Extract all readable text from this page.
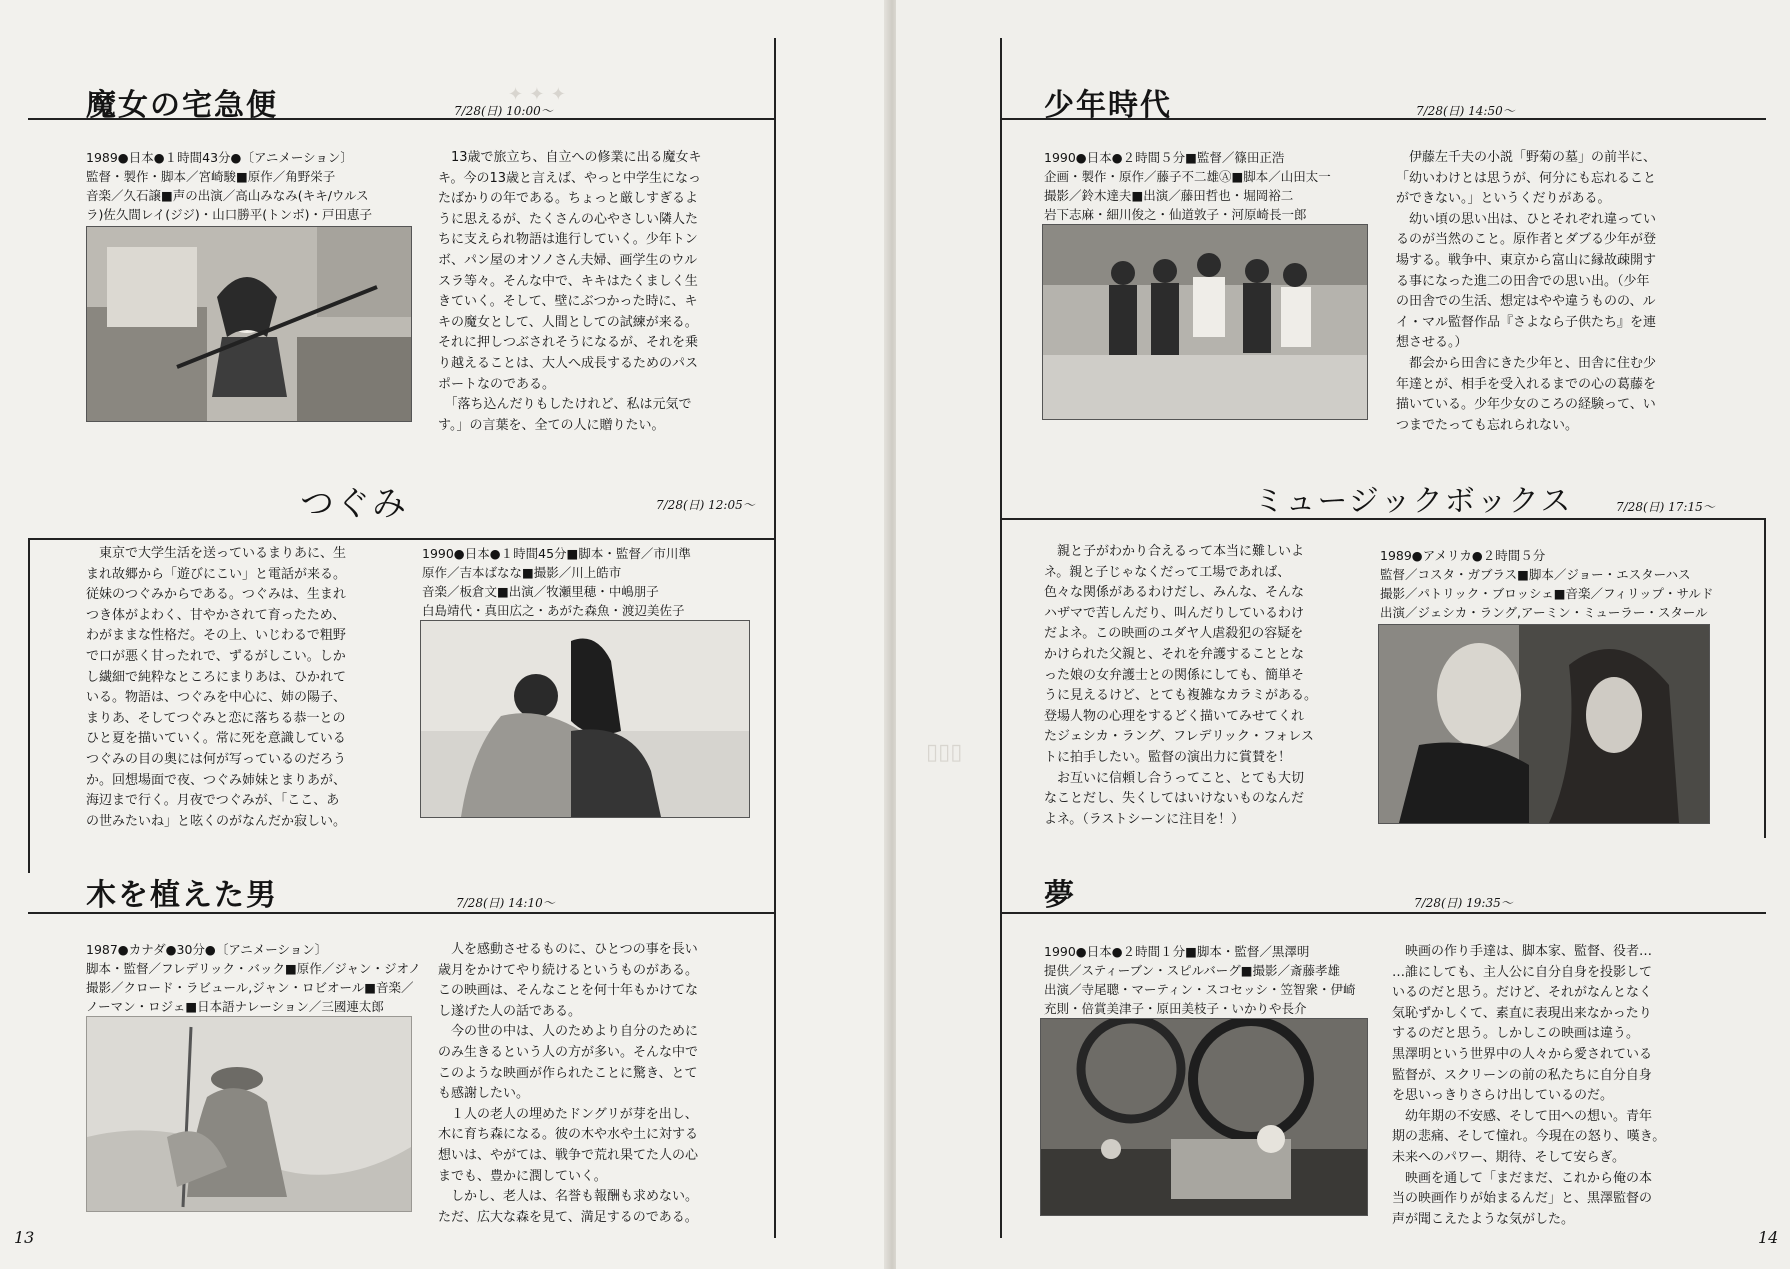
✦ ✦ ✦
魔女の宅急便	7/28(日) 10:00〜
1989●日本●１時間43分●〔アニメーション〕
監督・製作・脚本／宮崎駿■原作／角野栄子
音楽／久石譲■声の出演／高山みなみ(キキ/ウルス
ラ)佐久間レイ(ジジ)・山口勝平(トンボ)・戸田恵子
　13歳で旅立ち、自立への修業に出る魔女キ
キ。今の13歳と言えば、やっと中学生になっ
たばかりの年である。ちょっと厳しすぎるよ
うに思えるが、たくさんの心やさしい隣人た
ちに支えられ物語は進行していく。少年トン
ボ、パン屋のオソノさん夫婦、画学生のウル
スラ等々。そんな中で、キキはたくましく生
きていく。そして、壁にぶつかった時に、キ
キの魔女として、人間としての試練が来る。
それに押しつぶされそうになるが、それを乗
り越えることは、大人へ成長するためのパス
ポートなのである。
　「落ち込んだりもしたけれど、私は元気で
す。」の言葉を、全ての人に贈りたい。
つぐみ	7/28(日) 12:05〜
　東京で大学生活を送っているまりあに、生
まれ故郷から「遊びにこい」と電話が来る。
従妹のつぐみからである。つぐみは、生まれ
つき体がよわく、甘やかされて育ったため、
わがままな性格だ。その上、いじわるで粗野
で口が悪く甘ったれで、ずるがしこい。しか
し繊細で純粋なところにまりあは、ひかれて
いる。物語は、つぐみを中心に、姉の陽子、
まりあ、そしてつぐみと恋に落ちる恭一との
ひと夏を描いていく。常に死を意識している
つぐみの目の奥には何が写っているのだろう
か。回想場面で夜、つぐみ姉妹とまりあが、
海辺まで行く。月夜でつぐみが、「ここ、あ
の世みたいね」と呟くのがなんだか寂しい。
1990●日本●１時間45分■脚本・監督／市川準
原作／吉本ばなな■撮影／川上皓市
音楽／板倉文■出演／牧瀬里穂・中嶋朋子
白島靖代・真田広之・あがた森魚・渡辺美佐子
木を植えた男	7/28(日) 14:10〜
1987●カナダ●30分●〔アニメーション〕
脚本・監督／フレデリック・バック■原作／ジャン・ジオノ
撮影／クロード・ラビュール,ジャン・ロビオール■音楽／
ノーマン・ロジェ■日本語ナレーション／三國連太郎
　人を感動させるものに、ひとつの事を長い
歳月をかけてやり続けるというものがある。
この映画は、そんなことを何十年もかけてな
し遂げた人の話である。
　今の世の中は、人のためより自分のために
のみ生きるという人の方が多い。そんな中で
このような映画が作られたことに驚き、とて
も感謝したい。
　１人の老人の埋めたドングリが芽を出し、
木に育ち森になる。彼の木や水や土に対する
想いは、やがては、戦争で荒れ果てた人の心
までも、豊かに潤していく。
　しかし、老人は、名誉も報酬も求めない。
ただ、広大な森を見て、満足するのである。
13
▯▯▯
少年時代	7/28(日) 14:50〜
1990●日本●２時間５分■監督／篠田正浩
企画・製作・原作／藤子不二雄Ⓐ■脚本／山田太一
撮影／鈴木達夫■出演／藤田哲也・堀岡裕二
岩下志麻・細川俊之・仙道敦子・河原崎長一郎
　伊藤左千夫の小説「野菊の墓」の前半に、
「幼いわけとは思うが、何分にも忘れること
ができない。」というくだりがある。
　幼い頃の思い出は、ひとそれぞれ違ってい
るのが当然のこと。原作者とダブる少年が登
場する。戦争中、東京から富山に縁故疎開す
る事になった進二の田舎での思い出。（少年
の田舎での生活、想定はやや違うものの、ル
イ・マル監督作品『さよなら子供たち』を連
想させる。）
　都会から田舎にきた少年と、田舎に住む少
年達とが、相手を受入れるまでの心の葛藤を
描いている。少年少女のころの経験って、い
つまでたっても忘れられない。
ミュージックボックス	7/28(日) 17:15〜
　親と子がわかり合えるって本当に難しいよ
ネ。親と子じゃなくだって工場であれば、
色々な関係があるわけだし、みんな、そんな
ハザマで苦しんだり、叫んだりしているわけ
だよネ。この映画のユダヤ人虐殺犯の容疑を
かけられた父親と、それを弁護することとな
った娘の女弁護士との関係にしても、簡単そ
うに見えるけど、とても複雑なカラミがある。
登場人物の心理をするどく描いてみせてくれ
たジェシカ・ラング、フレデリック・フォレス
トに拍手したい。監督の演出力に賞賛を！
　お互いに信頼し合うってこと、とても大切
なことだし、失くしてはいけないものなんだ
よネ。（ラストシーンに注目を！）
1989●アメリカ●２時間５分
監督／コスタ・ガブラス■脚本／ジョー・エスターハス
撮影／パトリック・ブロッシェ■音楽／フィリップ・サルド
出演／ジェシカ・ラング,アーミン・ミューラー・スタール
夢	7/28(日) 19:35〜
1990●日本●２時間１分■脚本・監督／黒澤明
提供／スティーブン・スピルバーグ■撮影／斎藤孝雄
出演／寺尾聰・マーティン・スコセッシ・笠智衆・伊崎
充則・倍賞美津子・原田美枝子・いかりや長介
　映画の作り手達は、脚本家、監督、役者…
…誰にしても、主人公に自分自身を投影して
いるのだと思う。だけど、それがなんとなく
気恥ずかしくて、素直に表現出来なかったり
するのだと思う。しかしこの映画は違う。
黒澤明という世界中の人々から愛されている
監督が、スクリーンの前の私たちに自分自身
を思いっきりさらけ出しているのだ。
　幼年期の不安感、そして田への想い。青年
期の悲痛、そして憧れ。今現在の怒り、嘆き。
未来へのパワー、期待、そして安らぎ。
　映画を通して「まだまだ、これから俺の本
当の映画作りが始まるんだ」と、黒澤監督の
声が聞こえたような気がした。
14
